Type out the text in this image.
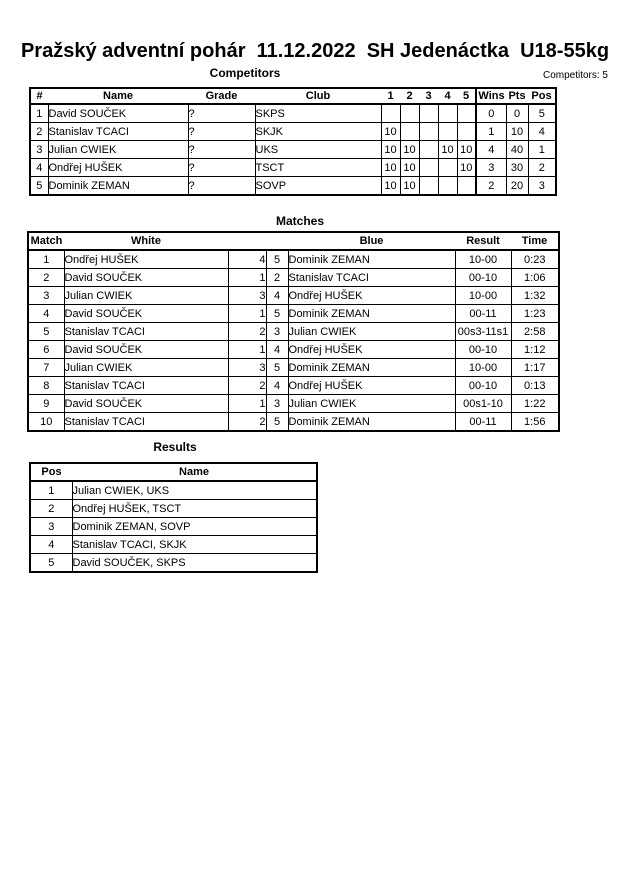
Pražský adventní pohár  11.12.2022  SH Jedenáctka  U18-55kg
Competitors	Competitors: 5
#	Name	Grade	Club	1	2	3	4	5	Wins	Pts	Pos
1	David SOUČEK	?	SKPS						0	0	5
2	Stanislav TCACI	?	SKJK	10					1	10	4
3	Julian CWIEK	?	UKS	10	10		10	10	4	40	1
4	Ondřej HUŠEK	?	TSCT	10	10			10	3	30	2
5	Dominik ZEMAN	?	SOVP	10	10				2	20	3
Matches
Match	White			Blue	Result	Time
1	Ondřej HUŠEK	4	5	Dominik ZEMAN	10-00	0:23
2	David SOUČEK	1	2	Stanislav TCACI	00-10	1:06
3	Julian CWIEK	3	4	Ondřej HUŠEK	10-00	1:32
4	David SOUČEK	1	5	Dominik ZEMAN	00-11	1:23
5	Stanislav TCACI	2	3	Julian CWIEK	00s3-11s1	2:58
6	David SOUČEK	1	4	Ondřej HUŠEK	00-10	1:12
7	Julian CWIEK	3	5	Dominik ZEMAN	10-00	1:17
8	Stanislav TCACI	2	4	Ondřej HUŠEK	00-10	0:13
9	David SOUČEK	1	3	Julian CWIEK	00s1-10	1:22
10	Stanislav TCACI	2	5	Dominik ZEMAN	00-11	1:56
Results
Pos	Name
1	Julian CWIEK, UKS
2	Ondřej HUŠEK, TSCT
3	Dominik ZEMAN, SOVP
4	Stanislav TCACI, SKJK
5	David SOUČEK, SKPS
